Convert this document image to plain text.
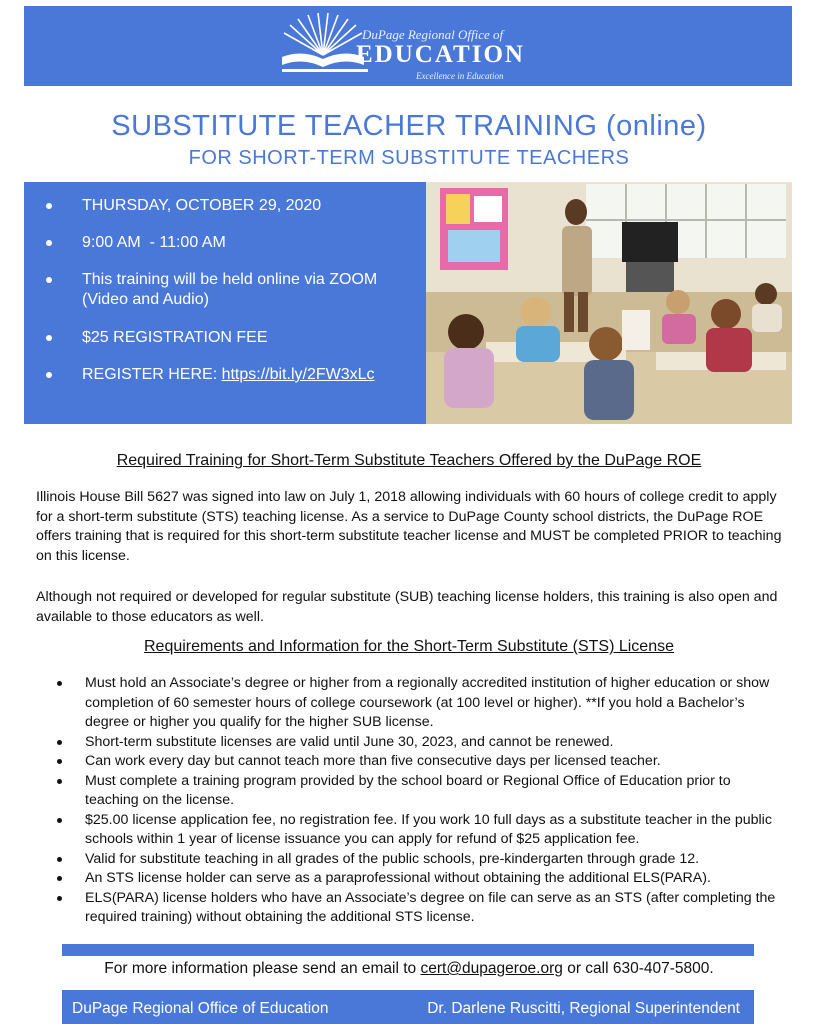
DuPage Regional Office of
EDUCATION
Excellence in Education
SUBSTITUTE TEACHER TRAINING (online)
FOR SHORT-TERM SUBSTITUTE TEACHERS
THURSDAY, OCTOBER 29, 2020
9:00 AM  - 11:00 AM
This training will be held online via ZOOM (Video and Audio)
$25 REGISTRATION FEE
REGISTER HERE: https://bit.ly/2FW3xLc
Required Training for Short-Term Substitute Teachers Offered by the DuPage ROE

Illinois House Bill 5627 was signed into law on July 1, 2018 allowing individuals with 60 hours of college credit to apply for a short-term substitute (STS) teaching license. As a service to DuPage County school districts, the DuPage ROE offers training that is required for this short-term substitute teacher license and MUST be completed PRIOR to teaching on this license.

Although not required or developed for regular substitute (SUB) teaching license holders, this training is also open and available to those educators as well.

Requirements and Information for the Short-Term Substitute (STS) License
Must hold an Associate’s degree or higher from a regionally accredited institution of higher education or show completion of 60 semester hours of college coursework (at 100 level or higher). **If you hold a Bachelor’s degree or higher you qualify for the higher SUB license.
Short-term substitute licenses are valid until June 30, 2023, and cannot be renewed.
Can work every day but cannot teach more than five consecutive days per licensed teacher.
Must complete a training program provided by the school board or Regional Office of Education prior to teaching on the license.
$25.00 license application fee, no registration fee. If you work 10 full days as a substitute teacher in the public schools within 1 year of license issuance you can apply for refund of $25 application fee.
Valid for substitute teaching in all grades of the public schools, pre-kindergarten through grade 12.
An STS license holder can serve as a paraprofessional without obtaining the additional ELS(PARA).
ELS(PARA) license holders who have an Associate’s degree on file can serve as an STS (after completing the required training) without obtaining the additional STS license.
For more information please send an email to cert@dupageroe.org or call 630-407-5800.
DuPage Regional Office of Education	Dr. Darlene Ruscitti, Regional Superintendent
